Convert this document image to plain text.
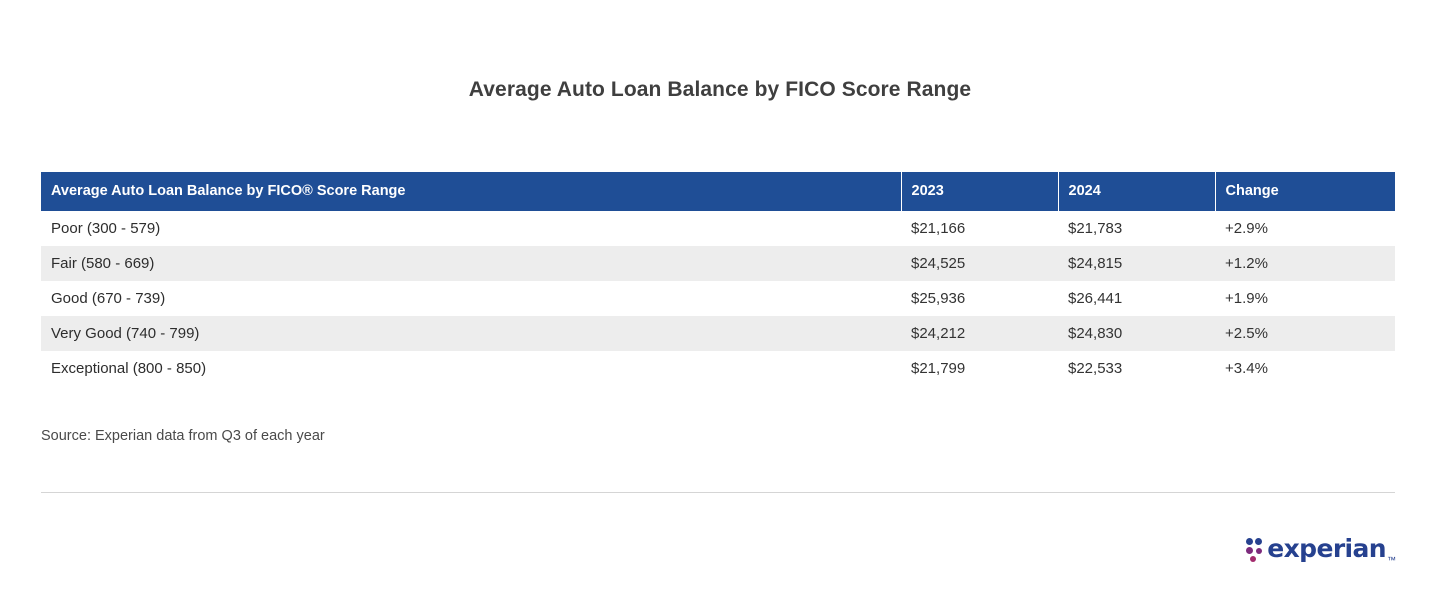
Average Auto Loan Balance by FICO Score Range
Average Auto Loan Balance by FICO® Score Range	2023	2024	Change
Poor (300 - 579)	$21,166	$21,783	+2.9%
Fair (580 - 669)	$24,525	$24,815	+1.2%
Good (670 - 739)	$25,936	$26,441	+1.9%
Very Good (740 - 799)	$24,212	$24,830	+2.5%
Exceptional (800 - 850)	$21,799	$22,533	+3.4%
Source: Experian data from Q3 of each year
experian ™
